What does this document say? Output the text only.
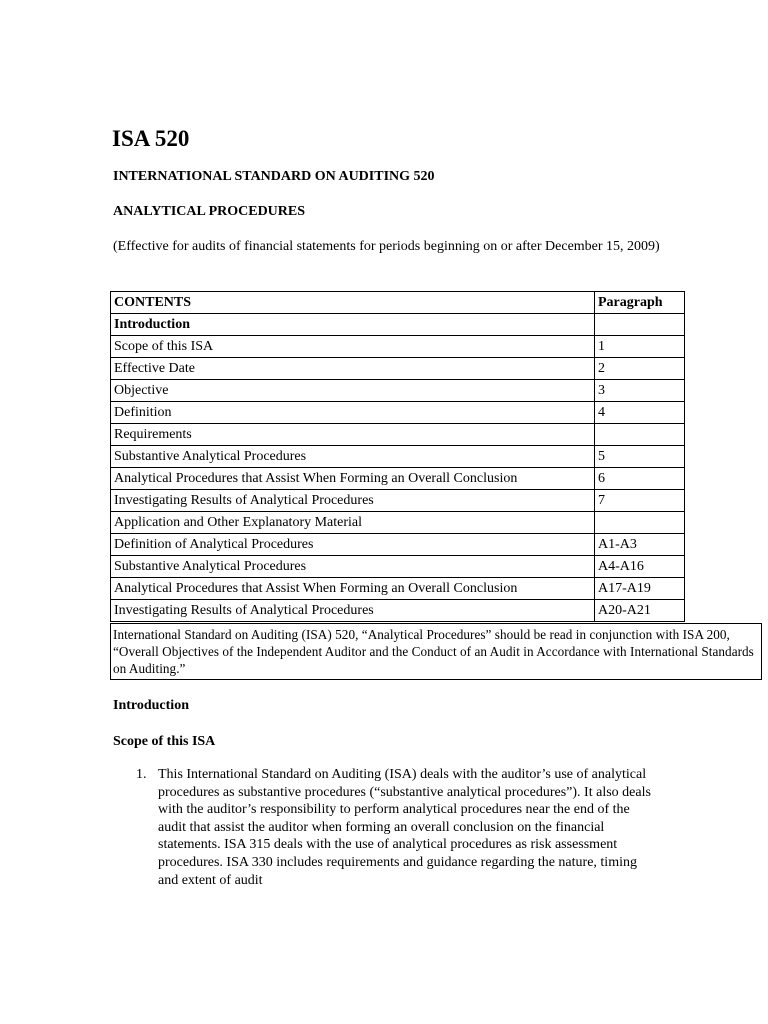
ISA 520
INTERNATIONAL STANDARD ON AUDITING 520
ANALYTICAL PROCEDURES
(Effective for audits of financial statements for periods beginning on or after December 15, 2009)
CONTENTS	Paragraph
Introduction	
Scope of this ISA	1
Effective Date	2
Objective	3
Definition	4
Requirements	
Substantive Analytical Procedures	5
Analytical Procedures that Assist When Forming an Overall Conclusion	6
Investigating Results of Analytical Procedures	7
Application and Other Explanatory Material	
Definition of Analytical Procedures	A1-A3
Substantive Analytical Procedures	A4-A16
Analytical Procedures that Assist When Forming an Overall Conclusion	A17-A19
Investigating Results of Analytical Procedures	A20-A21
International Standard on Auditing (ISA) 520, “Analytical Procedures” should be read in conjunction with ISA 200, “Overall Objectives of the Independent Auditor and the Conduct of an Audit in Accordance with International Standards on Auditing.”
Introduction
Scope of this ISA
1. This International Standard on Auditing (ISA) deals with the auditor’s use of analytical procedures as substantive procedures (“substantive analytical procedures”). It also deals with the auditor’s responsibility to perform analytical procedures near the end of the audit that assist the auditor when forming an overall conclusion on the financial statements. ISA 315 deals with the use of analytical procedures as risk assessment procedures. ISA 330 includes requirements and guidance regarding the nature, timing and extent of audit
